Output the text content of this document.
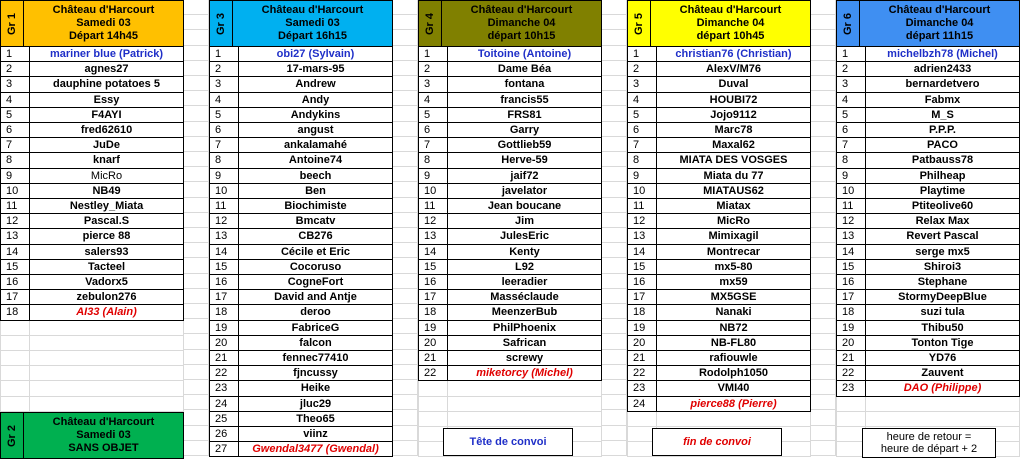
Gr 1
Château d'Harcourt
Samedi 03
Départ 14h45
1	mariner blue (Patrick)
2	agnes27
3	dauphine potatoes 5
4	Essy
5	F4AYI
6	fred62610
7	JuDe
8	knarf
9	MicRo
10	NB49
11	Nestley_Miata
12	Pascal.S
13	pierce 88
14	salers93
15	Tacteel
16	Vadorx5
17	zebulon276
18	AI33 (Alain)
Gr 3
Château d'Harcourt
Samedi 03
Départ 16h15
1	obi27 (Sylvain)
2	17-mars-95
3	Andrew
4	Andy
5	Andykins
6	angust
7	ankalamahé
8	Antoine74
9	beech
10	Ben
11	Biochimiste
12	Bmcatv
13	CB276
14	Cécile et Eric
15	Cocoruso
16	CogneFort
17	David and Antje
18	deroo
19	FabriceG
20	falcon
21	fennec77410
22	fjncussy
23	Heike
24	jluc29
25	Theo65
26	viinz
27	Gwendal3477 (Gwendal)
Gr 4
Château d'Harcourt
Dimanche 04
départ 10h15
1	Toitoine (Antoine)
2	Dame Béa
3	fontana
4	francis55
5	FRS81
6	Garry
7	Gottlieb59
8	Herve-59
9	jaif72
10	javelator
11	Jean boucane
12	Jim
13	JulesEric
14	Kenty
15	L92
16	leeradier
17	Masséclaude
18	MeenzerBub
19	PhilPhoenix
20	Safrican
21	screwy
22	miketorcy (Michel)
Gr 5
Château d'Harcourt
Dimanche 04
départ 10h45
1	christian76 (Christian)
2	AlexV/M76
3	Duval
4	HOUBI72
5	Jojo9112
6	Marc78
7	Maxal62
8	MIATA DES VOSGES
9	Miata du 77
10	MIATAUS62
11	Miatax
12	MicRo
13	Mimixagil
14	Montrecar
15	mx5-80
16	mx59
17	MX5GSE
18	Nanaki
19	NB72
20	NB-FL80
21	rafiouwle
22	Rodolph1050
23	VMI40
24	pierce88 (Pierre)
Gr 6
Château d'Harcourt
Dimanche 04
départ 11h15
1	michelbzh78 (Michel)
2	adrien2433
3	bernardetvero
4	Fabmx
5	M_S
6	P.P.P.
7	PACO
8	Patbauss78
9	Philheap
10	Playtime
11	Ptiteolive60
12	Relax Max
13	Revert Pascal
14	serge mx5
15	Shiroi3
16	Stephane
17	StormyDeepBlue
18	suzi tula
19	Thibu50
20	Tonton Tige
21	YD76
22	Zauvent
23	DAO (Philippe)
Gr 2
Château d'Harcourt
Samedi 03
SANS OBJET	Tête de convoi	fin de convoi	heure de retour =
heure de départ + 2
